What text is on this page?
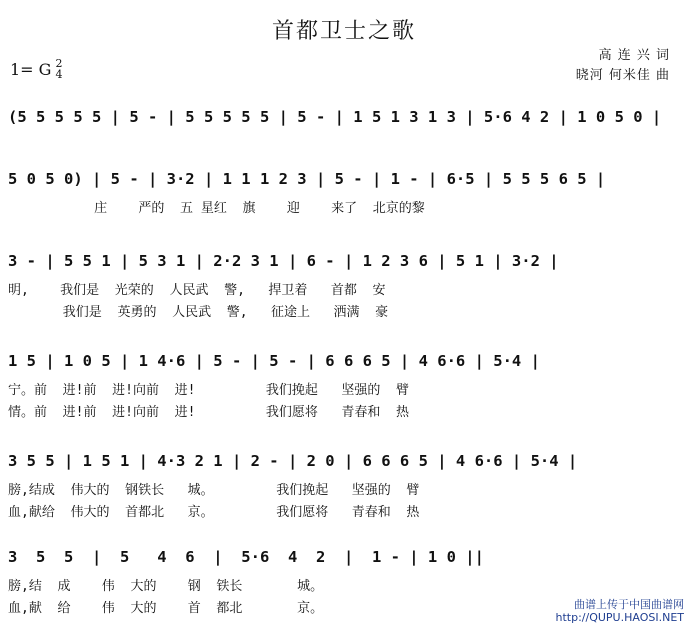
首都卫士之歌
高 连 兴 词
晓河 何米佳 曲
1= G 2
4
(5 5 5 5 5 | 5 - | 5 5 5 5 5 | 5 - | 1 5 1 3 1 3 | 5·6 4 2 | 1 0 5 0 |
5 0 5 0) | 5 - | 3·2 | 1 1 1 2 3 | 5 - | 1 - | 6·5 | 5 5 5 6 5 |
庄    严的  五 星红  旗    迎    来了  北京的黎
3 - | 5 5 1 | 5 3 1 | 2·2 3 1 | 6 - | 1 2 3 6 | 5 1 | 3·2 |
明,    我们是  光荣的  人民武  警,   捍卫着   首都  安
我们是  英勇的  人民武  警,   征途上   洒满  豪
1 5 | 1 0 5 | 1 4·6 | 5 - | 5 - | 6 6 6 5 | 4 6·6 | 5·4 |
宁。前  进!前  进!向前  进!         我们挽起   坚强的  臂
情。前  进!前  进!向前  进!         我们愿将   青春和  热
3 5 5 | 1 5 1 | 4·3 2 1 | 2 - | 2 0 | 6 6 6 5 | 4 6·6 | 5·4 |
膀,结成  伟大的  钢铁长   城。        我们挽起   坚强的  臂
血,献给  伟大的  首都北   京。        我们愿将   青春和  热
3  5  5  |  5   4  6  |  5·6  4  2  |  1 - | 1 0 ||
膀,结  成    伟  大的    钢  铁长       城。
血,献  给    伟  大的    首  都北       京。	曲谱上传于中国曲谱网
http://QUPU.HAOSI.NET
